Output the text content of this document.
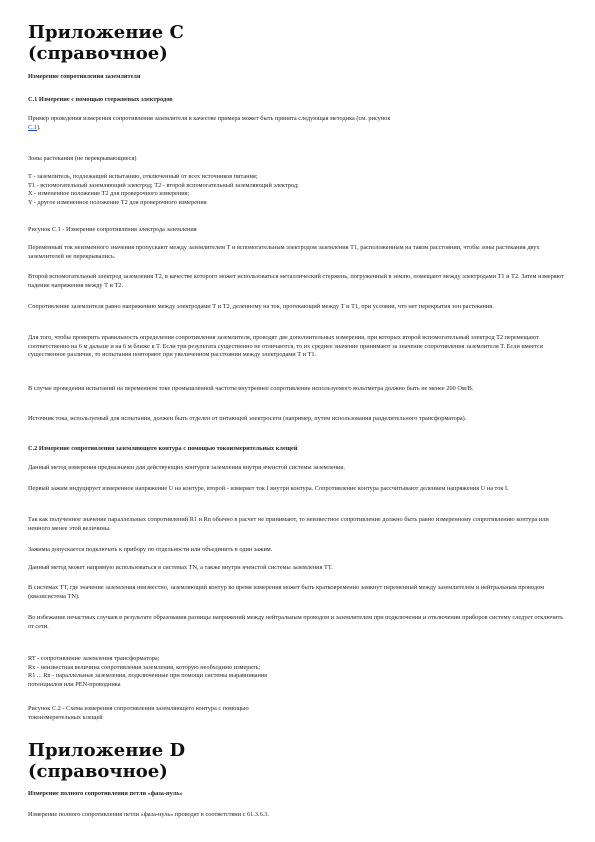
Приложение С
(справочное)
Измерение сопротивления заземлителя
С.1 Измерение с помощью стержневых электродов
Пример проведения измерения сопротивления заземлителя в качестве примера может быть принята следующая методика (см. рисунок
С.1).
Зоны растекания (не перекрывающиеся)
Т - заземлитель, подлежащий испытанию, отключенный от всех источников питания;
Т1 - вспомогательный заземляющий электрод; Т2 - второй вспомогательный заземляющий электрод;
Х - измененное положение Т2 для проверочного измерения;
Y - другое измененное положение Т2 для проверочного измерения
Рисунок С.1 - Измерение сопротивления электрода заземления
Переменный ток неизменного значения пропускают между заземлителем Т и вспомогательным электродом заземления Т1, расположенным на таком расстоянии, чтобы зоны растекания двух заземлителей не перекрывались.
Второй вспомогательный электрод заземления Т2, в качестве которого может использоваться металлический стержень, погруженный в землю, помещают между электродами Т1 и Т2. Затем измеряют падение напряжения между Т и Т2.
Сопротивление заземлителя равно напряжению между электродами Т и Т2, деленному на ток, протекающий между Т и Т1, при условии, что нет перекрытия зон растекания.
Для того, чтобы проверить правильность определения сопротивления заземлителя, проводят две дополнительных измерения, при которых второй вспомогательный электрод Т2 перемещают соответственно на 6 м дальше и на 6 м ближе к Т. Если три результата существенно не отличаются, то их среднее значение принимают за значение сопротивления заземлителя Т. Если имеется существенное различие, то испытания повторяют при увеличенном расстоянии между электродами Т и Т1.
В случае проведения испытаний на переменном токе промышленной частоты внутреннее сопротивление используемого вольтметра должно быть не менее 200 Ом/В.
Источник тока, используемый для испытания, должен быть отделен от питающей электросети (например, путем использования разделительного трансформатора).
С.2 Измерение сопротивления заземляющего контура с помощью токоизмерительных клещей
Данный метод измерения предназначен для действующих контуров заземления внутри ячеистой системы заземления.
Первый зажим индуцирует измеренное напряжение U на контуре, второй - измеряет ток I внутри контура. Сопротивление контура рассчитывают делением напряжения U на ток I.
Так как полученное значение параллельных сопротивлений R1 и Rn обычно в расчет не принимают, то неизвестное сопротивление должно быть равно измеренному сопротивлению контура или немного менее этой величины.
Зажимы допускается подключать к прибору по отдельности или объединить в один зажим.
Данный метод может напрямую использоваться в системах ТN, а также внутри ячеистой системы заземления ТТ.
В системах ТТ, где значение заземления неизвестно, заземляющий контур во время измерения может быть кратковременно замкнут переменный между заземлителем и нейтральным проводом (квазисистема ТN).
Во избежание нечастных случаев в результате образования разницы напряжений между нейтральным проводом и заземлителем при подключении и отключении приборов систему следует отключить от сети.
RT - сопротивление заземления трансформатора;
Rx - неизвестная величина сопротивления заземления, которую необходимо измерить;
R1 ... Rn - параллельные заземления, подключенные при помощи системы выравнивания
потенциалов или PEN-проводника
Рисунок С.2 - Схема измерения сопротивления заземляющего контура с помощью
токоизмерительных клещей
Приложение D
(справочное)
Измерение полного сопротивления петли «фаза-нуль»
Измерение полного сопротивления петли «фаза-нуль» проводят в соответствии с 61.3.6.3.
